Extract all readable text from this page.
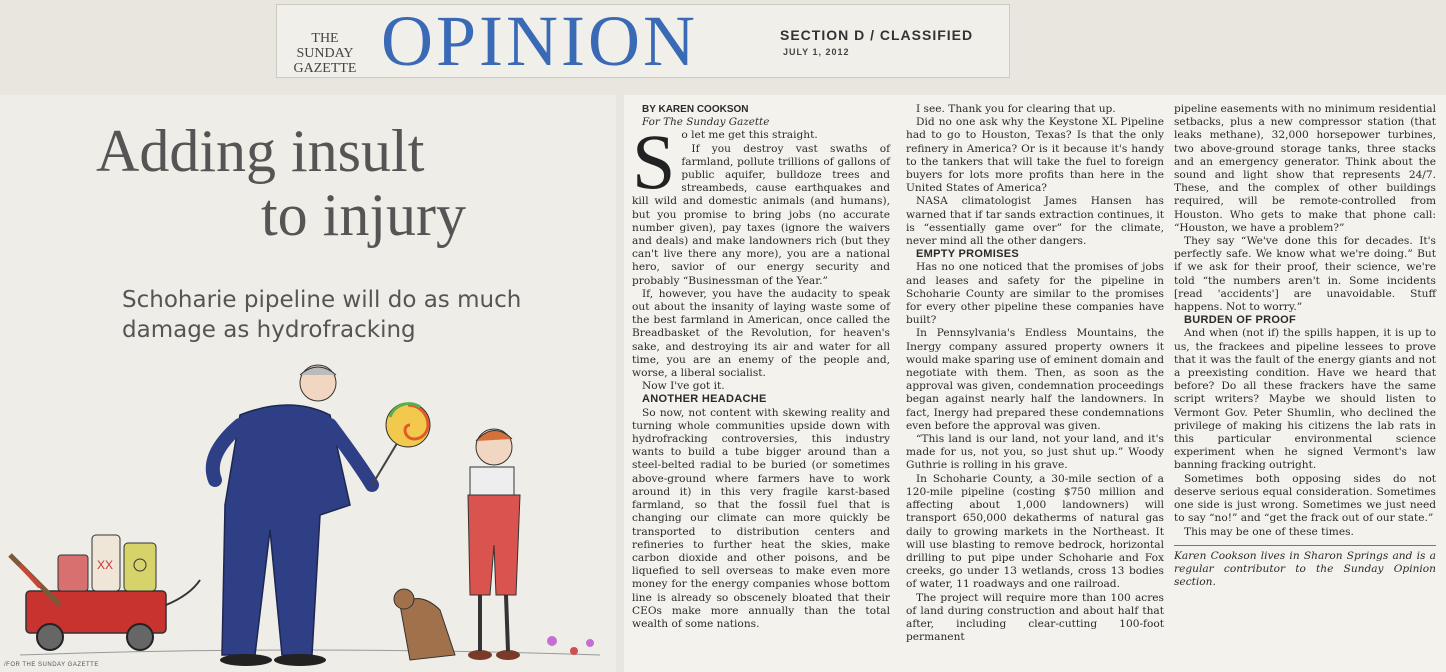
THE SUNDAY
GAZETTE OPINION	SECTION D / CLASSIFIED
JULY 1, 2012
Adding insult
to injury
Schoharie pipeline will do as much damage as hydrofracking
XX
/FOR THE SUNDAY GAZETTE

BY KAREN COOKSON

For The Sunday Gazette

S o let me get this straight.

If you destroy vast swaths of farmland, pollute trillions of gallons of public aquifer, bulldoze trees and streambeds, cause earthquakes and kill wild and domestic animals (and humans), but you promise to bring jobs (no accurate number given), pay taxes (ignore the waivers and deals) and make landowners rich (but they can't live there any more), you are a national hero, savior of our energy security and probably “Businessman of the Year.”

If, however, you have the audacity to speak out about the insanity of laying waste some of the best farmland in American, once called the Breadbasket of the Revolution, for heaven's sake, and destroying its air and water for all time, you are an enemy of the people and, worse, a liberal socialist.

Now I've got it.

ANOTHER HEADACHE

So now, not content with skewing reality and turning whole communities upside down with hydrofracking controversies, this industry wants to build a tube bigger around than a steel-belted radial to be buried (or sometimes above-ground where farmers have to work around it) in this very fragile karst-based farmland, so that the fossil fuel that is changing our climate can more quickly be transported to distribution centers and refineries to further heat the skies, make carbon dioxide and other poisons, and be liquefied to sell overseas to make even more money for the energy companies whose bottom line is already so obscenely bloated that their CEOs make more annually than the total wealth of some nations.

I see. Thank you for clearing that up.

Did no one ask why the Keystone XL Pipeline had to go to Houston, Texas? Is that the only refinery in America? Or is it because it's handy to the tankers that will take the fuel to foreign buyers for lots more profits than here in the United States of America?

NASA climatologist James Hansen has warned that if tar sands extraction continues, it is “essentially game over” for the climate, never mind all the other dangers.

EMPTY PROMISES

Has no one noticed that the promises of jobs and leases and safety for the pipeline in Schoharie County are similar to the promises for every other pipeline these companies have built?

In Pennsylvania's Endless Mountains, the Inergy company assured property owners it would make sparing use of eminent domain and negotiate with them. Then, as soon as the approval was given, condemnation proceedings began against nearly half the landowners. In fact, Inergy had prepared these condemnations even before the approval was given.

“This land is our land, not your land, and it's made for us, not you, so just shut up.” Woody Guthrie is rolling in his grave.

In Schoharie County, a 30-mile section of a 120-mile pipeline (costing $750 million and affecting about 1,000 landowners) will transport 650,000 dekatherms of natural gas daily to growing markets in the Northeast. It will use blasting to remove bedrock, horizontal drilling to put pipe under Schoharie and Fox creeks, go under 13 wetlands, cross 13 bodies of water, 11 roadways and one railroad.

The project will require more than 100 acres of land during construction and about half that after, including clear-cutting 100-foot permanent

pipeline easements with no minimum residential setbacks, plus a new compressor station (that leaks methane), 32,000 horsepower turbines, two above-ground storage tanks, three stacks and an emergency generator. Think about the sound and light show that represents 24/7. These, and the complex of other buildings required, will be remote-controlled from Houston. Who gets to make that phone call: “Houston, we have a problem?”

They say “We've done this for decades. It's perfectly safe. We know what we're doing.” But if we ask for their proof, their science, we're told “the numbers aren't in. Some incidents [read 'accidents'] are unavoidable. Stuff happens. Not to worry.”

BURDEN OF PROOF

And when (not if) the spills happen, it is up to us, the frackees and pipeline lessees to prove that it was the fault of the energy giants and not a preexisting condition. Have we heard that before? Do all these frackers have the same script writers? Maybe we should listen to Vermont Gov. Peter Shumlin, who declined the privilege of making his citizens the lab rats in this particular environmental science experiment when he signed Vermont's law banning fracking outright.

Sometimes both opposing sides do not deserve serious equal consideration. Sometimes one side is just wrong. Sometimes we just need to say “no!” and “get the frack out of our state.”

This may be one of these times.

Karen Cookson lives in Sharon Springs and is a regular contributor to the Sunday Opinion section.
